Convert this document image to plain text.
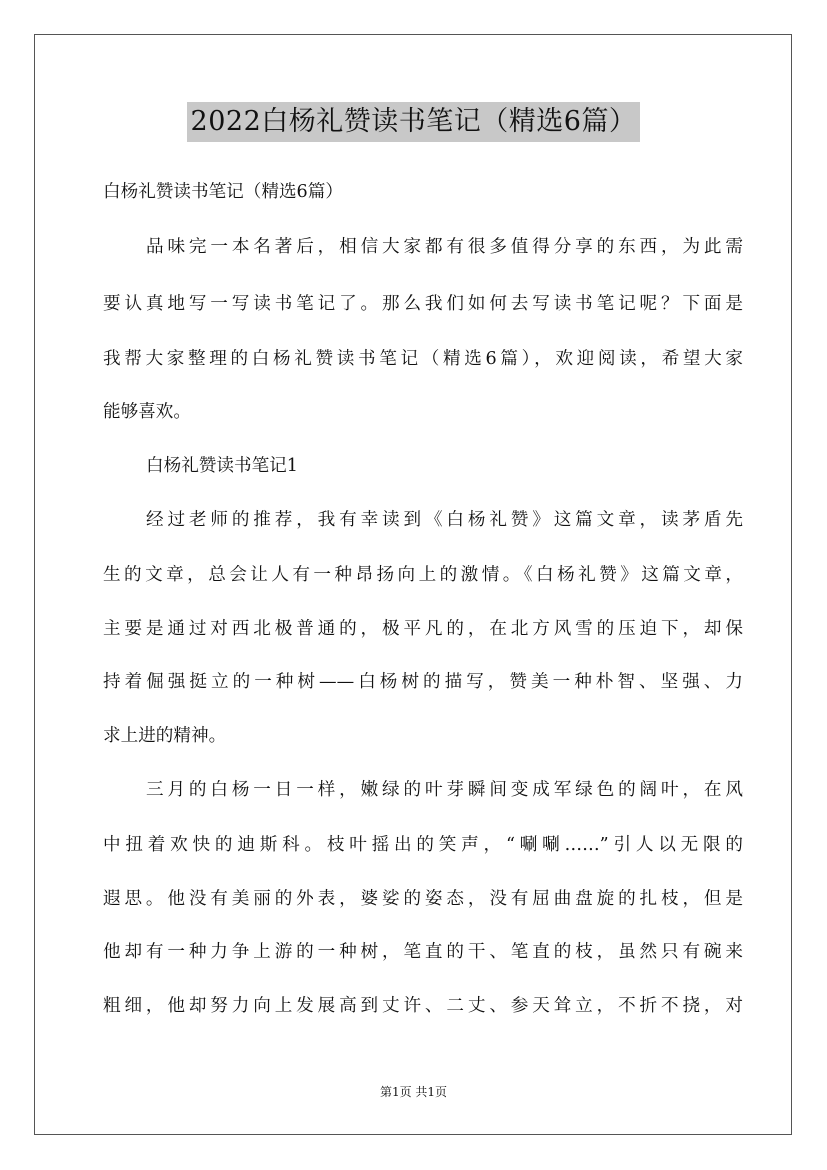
2022白杨礼赞读书笔记（精选6篇）
白杨礼赞读书笔记（精选6篇）
品味完一本名著后，相信大家都有很多值得分享的东西，为此需
要认真地写一写读书笔记了。那么我们如何去写读书笔记呢？下面是
我帮大家整理的白杨礼赞读书笔记（精选6篇），欢迎阅读，希望大家
能够喜欢。
白杨礼赞读书笔记1
经过老师的推荐，我有幸读到《白杨礼赞》这篇文章，读茅盾先
生的文章，总会让人有一种昂扬向上的激情。《白杨礼赞》这篇文章，
主要是通过对西北极普通的，极平凡的，在北方风雪的压迫下，却保
持着倔强挺立的一种树——白杨树的描写，赞美一种朴智、坚强、力
求上进的精神。
三月的白杨一日一样，嫩绿的叶芽瞬间变成军绿色的阔叶，在风
中扭着欢快的迪斯科。枝叶摇出的笑声，“唰唰……”引人以无限的
遐思。他没有美丽的外表，婆娑的姿态，没有屈曲盘旋的扎枝，但是
他却有一种力争上游的一种树，笔直的干、笔直的枝，虽然只有碗来
粗细，他却努力向上发展高到丈许、二丈、参天耸立，不折不挠，对
第1页 共1页
